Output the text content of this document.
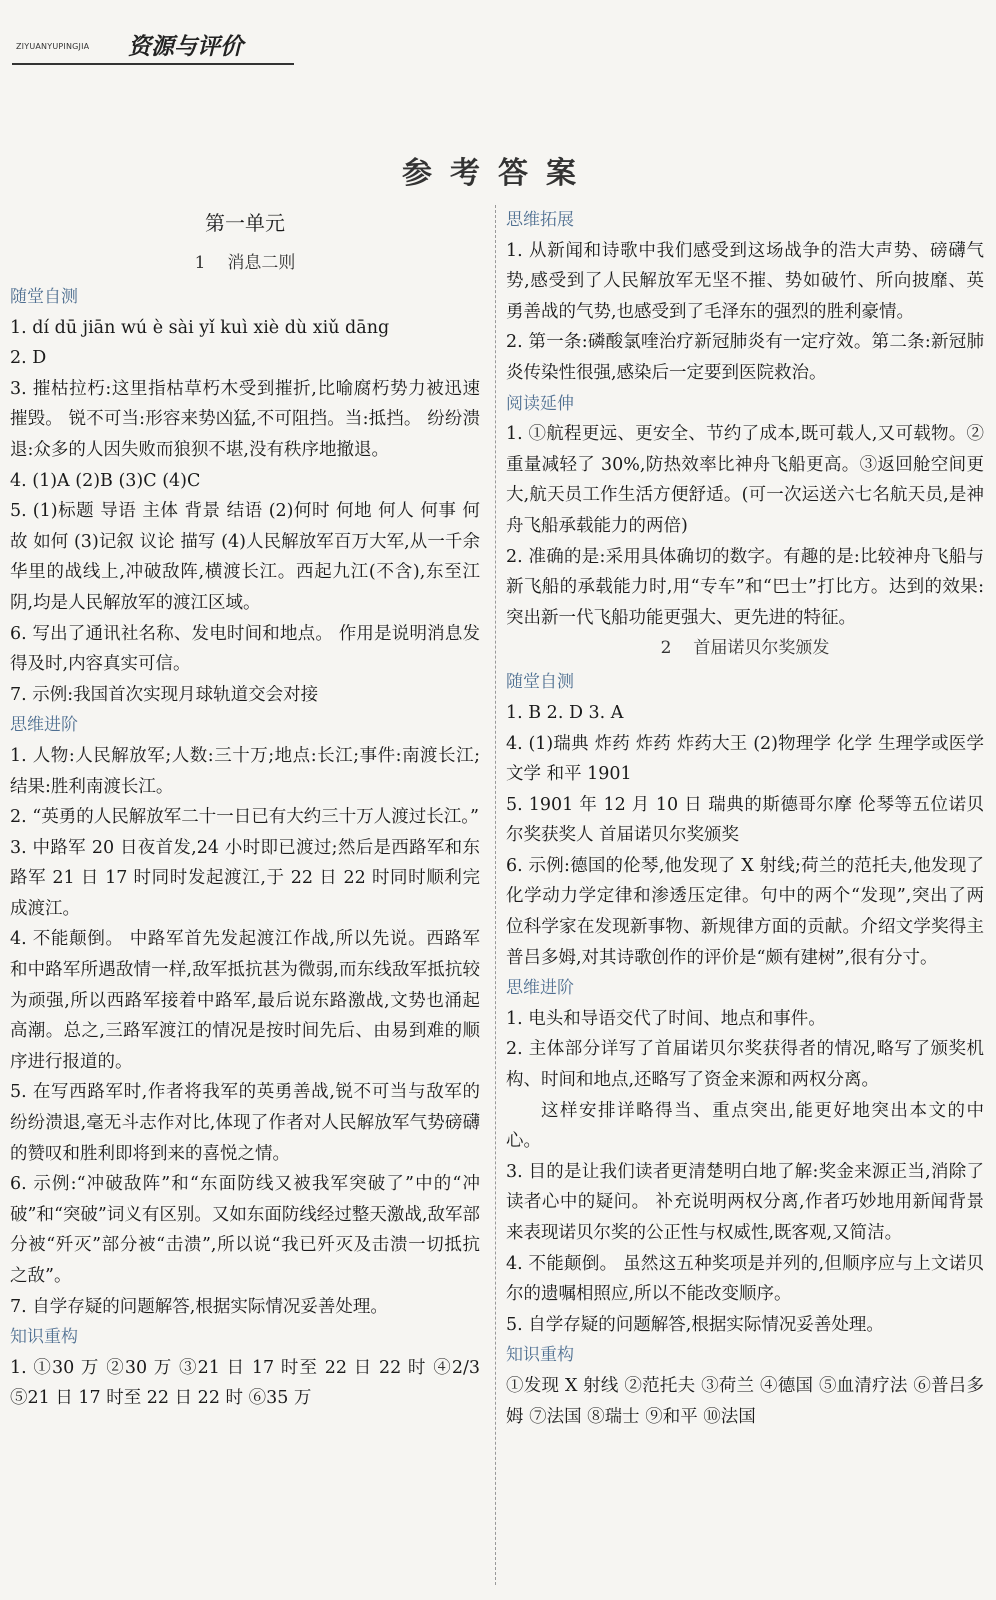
ZIYUANYUPINGJIA 资源与评价
参考答案
第一单元
1 消息二则
随堂自测
1. dí dū jiān wú è sài yǐ kuì xiè dù xiǔ dāng
2. D
3. 摧枯拉朽:这里指枯草朽木受到摧折,比喻腐朽势力被迅速摧毁。 锐不可当:形容来势凶猛,不可阻挡。当:抵挡。 纷纷溃退:众多的人因失败而狼狈不堪,没有秩序地撤退。
4. (1)A (2)B (3)C (4)C
5. (1)标题 导语 主体 背景 结语 (2)何时 何地 何人 何事 何故 如何 (3)记叙 议论 描写 (4)人民解放军百万大军,从一千余华里的战线上,冲破敌阵,横渡长江。西起九江(不含),东至江阴,均是人民解放军的渡江区域。
6. 写出了通讯社名称、发电时间和地点。 作用是说明消息发得及时,内容真实可信。
7. 示例:我国首次实现月球轨道交会对接
思维进阶
1. 人物:人民解放军;人数:三十万;地点:长江;事件:南渡长江;结果:胜利南渡长江。
2. “英勇的人民解放军二十一日已有大约三十万人渡过长江。”
3. 中路军 20 日夜首发,24 小时即已渡过;然后是西路军和东路军 21 日 17 时同时发起渡江,于 22 日 22 时同时顺利完成渡江。
4. 不能颠倒。 中路军首先发起渡江作战,所以先说。西路军和中路军所遇敌情一样,敌军抵抗甚为微弱,而东线敌军抵抗较为顽强,所以西路军接着中路军,最后说东路激战,文势也涌起高潮。总之,三路军渡江的情况是按时间先后、由易到难的顺序进行报道的。
5. 在写西路军时,作者将我军的英勇善战,锐不可当与敌军的纷纷溃退,毫无斗志作对比,体现了作者对人民解放军气势磅礴的赞叹和胜利即将到来的喜悦之情。
6. 示例:“冲破敌阵”和“东面防线又被我军突破了”中的“冲破”和“突破”词义有区别。又如东面防线经过整天激战,敌军部分被“歼灭”部分被“击溃”,所以说“我已歼灭及击溃一切抵抗之敌”。
7. 自学存疑的问题解答,根据实际情况妥善处理。
知识重构
1. ①30 万 ②30 万 ③21 日 17 时至 22 日 22 时 ④2/3 ⑤21 日 17 时至 22 日 22 时 ⑥35 万
思维拓展
1. 从新闻和诗歌中我们感受到这场战争的浩大声势、磅礴气势,感受到了人民解放军无坚不摧、势如破竹、所向披靡、英勇善战的气势,也感受到了毛泽东的强烈的胜利豪情。
2. 第一条:磷酸氯喹治疗新冠肺炎有一定疗效。第二条:新冠肺炎传染性很强,感染后一定要到医院救治。
阅读延伸
1. ①航程更远、更安全、节约了成本,既可载人,又可载物。②重量减轻了 30%,防热效率比神舟飞船更高。③返回舱空间更大,航天员工作生活方便舒适。(可一次运送六七名航天员,是神舟飞船承载能力的两倍)
2. 准确的是:采用具体确切的数字。有趣的是:比较神舟飞船与新飞船的承载能力时,用“专车”和“巴士”打比方。达到的效果:突出新一代飞船功能更强大、更先进的特征。
2 首届诺贝尔奖颁发
随堂自测
1. B 2. D 3. A
4. (1)瑞典 炸药 炸药 炸药大王 (2)物理学 化学 生理学或医学 文学 和平 1901
5. 1901 年 12 月 10 日 瑞典的斯德哥尔摩 伦琴等五位诺贝尔奖获奖人 首届诺贝尔奖颁奖
6. 示例:德国的伦琴,他发现了 X 射线;荷兰的范托夫,他发现了化学动力学定律和渗透压定律。句中的两个“发现”,突出了两位科学家在发现新事物、新规律方面的贡献。介绍文学奖得主普吕多姆,对其诗歌创作的评价是“颇有建树”,很有分寸。
思维进阶
1. 电头和导语交代了时间、地点和事件。
2. 主体部分详写了首届诺贝尔奖获得者的情况,略写了颁奖机构、时间和地点,还略写了资金来源和两权分离。
这样安排详略得当、重点突出,能更好地突出本文的中心。
3. 目的是让我们读者更清楚明白地了解:奖金来源正当,消除了读者心中的疑问。 补充说明两权分离,作者巧妙地用新闻背景来表现诺贝尔奖的公正性与权威性,既客观,又简洁。
4. 不能颠倒。 虽然这五种奖项是并列的,但顺序应与上文诺贝尔的遗嘱相照应,所以不能改变顺序。
5. 自学存疑的问题解答,根据实际情况妥善处理。
知识重构
①发现 X 射线 ②范托夫 ③荷兰 ④德国 ⑤血清疗法 ⑥普吕多姆 ⑦法国 ⑧瑞士 ⑨和平 ⑩法国
